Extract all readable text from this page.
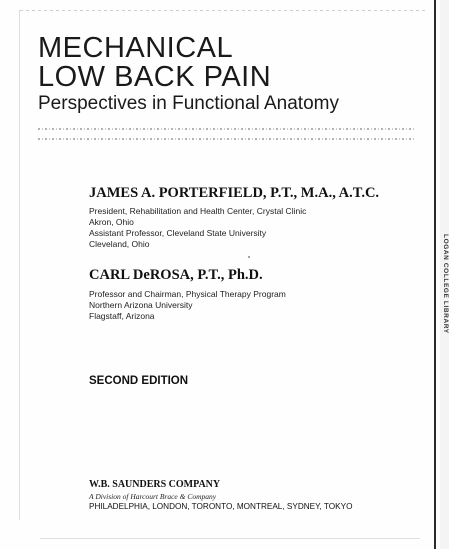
MECHANICAL
LOW BACK PAIN
Perspectives in Functional Anatomy
JAMES A. PORTERFIELD, P.T., M.A., A.T.C.
President, Rehabilitation and Health Center, Crystal Clinic
Akron, Ohio
Assistant Professor, Cleveland State University
Cleveland, Ohio
CARL DeROSA, P.T., Ph.D.
Professor and Chairman, Physical Therapy Program
Northern Arizona University
Flagstaff, Arizona
SECOND EDITION
W.B. SAUNDERS COMPANY
A Division of Harcourt Brace & Company
PHILADELPHIA, LONDON, TORONTO, MONTREAL, SYDNEY, TOKYO
LOGAN COLLEGE LIBRARY
